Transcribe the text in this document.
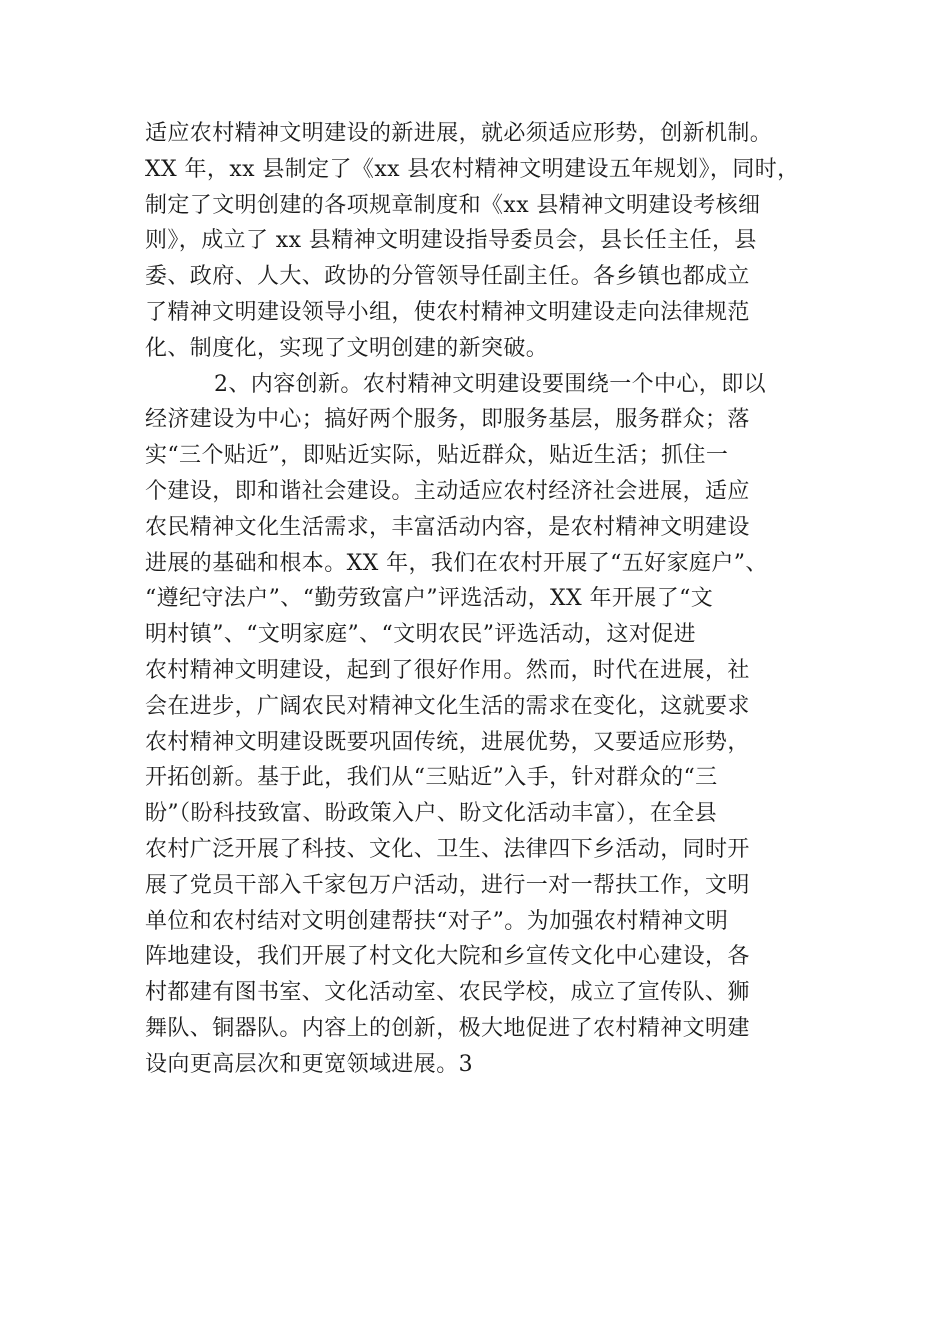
适应农村精神文明建设的新进展，就必须适应形势，创新机制。
XX 年，xx 县制定了《xx 县农村精神文明建设五年规划》，同时，
制定了文明创建的各项规章制度和《xx 县精神文明建设考核细
则》，成立了 xx 县精神文明建设指导委员会，县长任主任，县
委、政府、人大、政协的分管领导任副主任。各乡镇也都成立
了精神文明建设领导小组，使农村精神文明建设走向法律规范
化、制度化，实现了文明创建的新突破。
2、内容创新。农村精神文明建设要围绕一个中心，即以
经济建设为中心；搞好两个服务，即服务基层，服务群众；落
实“三个贴近”，即贴近实际，贴近群众，贴近生活；抓住一
个建设，即和谐社会建设。主动适应农村经济社会进展，适应
农民精神文化生活需求，丰富活动内容，是农村精神文明建设
进展的基础和根本。XX 年，我们在农村开展了“五好家庭户”、
“遵纪守法户”、“勤劳致富户”评选活动，XX 年开展了“文
明村镇”、“文明家庭”、“文明农民”评选活动，这对促进
农村精神文明建设，起到了很好作用。然而，时代在进展，社
会在进步，广阔农民对精神文化生活的需求在变化，这就要求
农村精神文明建设既要巩固传统，进展优势，又要适应形势，
开拓创新。基于此，我们从“三贴近”入手，针对群众的“三
盼”（盼科技致富、盼政策入户、盼文化活动丰富），在全县
农村广泛开展了科技、文化、卫生、法律四下乡活动，同时开
展了党员干部入千家包万户活动，进行一对一帮扶工作，文明
单位和农村结对文明创建帮扶“对子”。为加强农村精神文明
阵地建设，我们开展了村文化大院和乡宣传文化中心建设，各
村都建有图书室、文化活动室、农民学校，成立了宣传队、狮
舞队、铜器队。内容上的创新，极大地促进了农村精神文明建
设向更高层次和更宽领域进展。3
